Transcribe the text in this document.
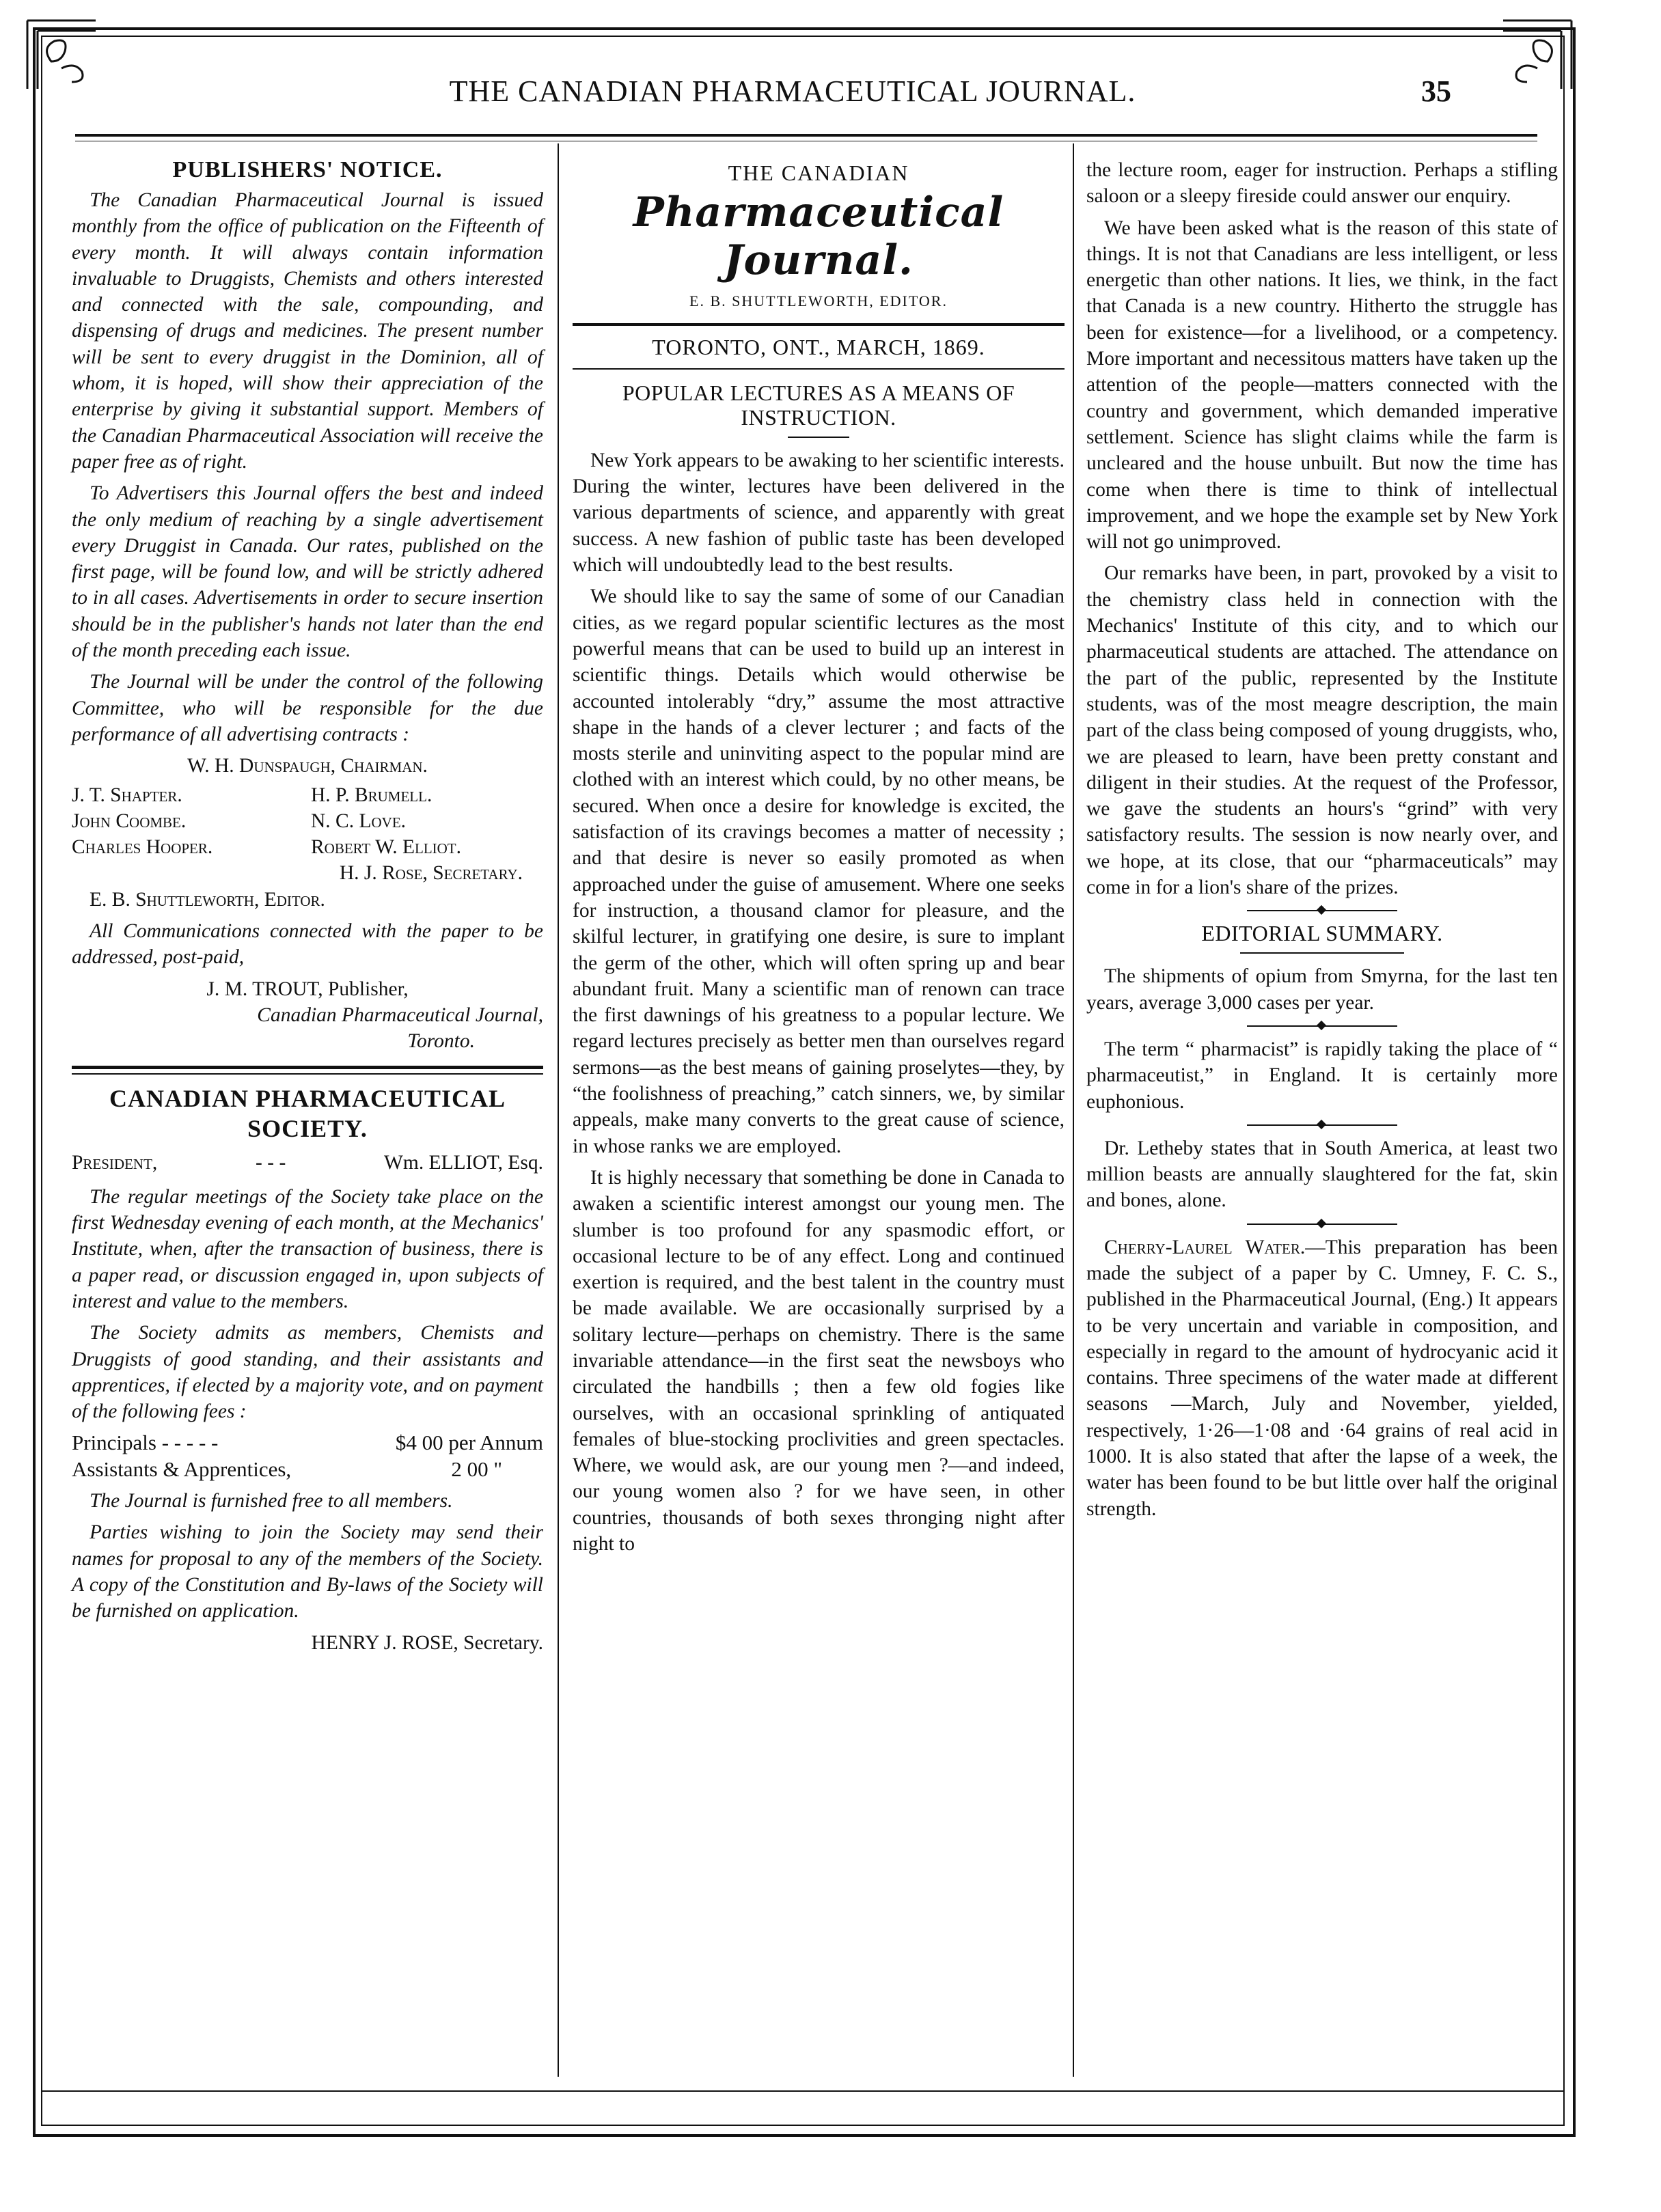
THE CANADIAN PHARMACEUTICAL JOURNAL.	35
PUBLISHERS' NOTICE.

The Canadian Pharmaceutical Journal is issued monthly from the office of publication on the Fifteenth of every month. It will always contain information invaluable to Druggists, Chemists and others interested and connected with the sale, compounding, and dispensing of drugs and medicines. The present number will be sent to every druggist in the Dominion, all of whom, it is hoped, will show their appreciation of the enterprise by giving it substantial support. Members of the Canadian Pharmaceutical Association will receive the paper free as of right.

To Advertisers this Journal offers the best and indeed the only medium of reaching by a single advertisement every Druggist in Canada. Our rates, published on the first page, will be found low, and will be strictly adhered to in all cases. Advertisements in order to secure insertion should be in the publisher's hands not later than the end of the month preceding each issue.

The Journal will be under the control of the following Committee, who will be responsible for the due performance of all advertising contracts :

W. H. Dunspaugh, Chairman.
J. T. Shapter.	H. P. Brumell.
John Coombe.	N. C. Love.
Charles Hooper.	Robert W. Elliot.
H. J. Rose, Secretary.

E. B. Shuttleworth, Editor.

All Communications connected with the paper to be addressed, post-paid,

J. M. TROUT, Publisher,
Canadian Pharmaceutical Journal,
Toronto.
CANADIAN PHARMACEUTICAL
SOCIETY.
President,	- - -	Wm. ELLIOT, Esq.

The regular meetings of the Society take place on the first Wednesday evening of each month, at the Mechanics' Institute, when, after the transaction of business, there is a paper read, or discussion engaged in, upon subjects of interest and value to the members.

The Society admits as members, Chemists and Druggists of good standing, and their assistants and apprentices, if elected by a majority vote, and on payment of the following fees :

Principals - - - - -	$4 00 per Annum
Assistants & Apprentices,	2 00 "

The Journal is furnished free to all members.

Parties wishing to join the Society may send their names for proposal to any of the members of the Society. A copy of the Constitution and By-laws of the Society will be furnished on application.

HENRY J. ROSE, Secretary.
THE CANADIAN
Pharmaceutical Journal.
E. B. SHUTTLEWORTH, EDITOR.
TORONTO, ONT., MARCH, 1869.
POPULAR LECTURES AS A MEANS OF INSTRUCTION.

New York appears to be awaking to her scientific interests. During the winter, lectures have been delivered in the various departments of science, and apparently with great success. A new fashion of public taste has been developed which will undoubtedly lead to the best results.

We should like to say the same of some of our Canadian cities, as we regard popular scientific lectures as the most powerful means that can be used to build up an interest in scientific things. Details which would otherwise be accounted intolerably “dry,” assume the most attractive shape in the hands of a clever lecturer ; and facts of the mosts sterile and uninviting aspect to the popular mind are clothed with an interest which could, by no other means, be secured. When once a desire for knowledge is excited, the satisfaction of its cravings becomes a matter of necessity ; and that desire is never so easily promoted as when approached under the guise of amusement. Where one seeks for instruction, a thousand clamor for pleasure, and the skilful lecturer, in gratifying one desire, is sure to implant the germ of the other, which will often spring up and bear abundant fruit. Many a scientific man of renown can trace the first dawnings of his greatness to a popular lecture. We regard lectures precisely as better men than ourselves regard sermons—as the best means of gaining proselytes—they, by “the foolishness of preaching,” catch sinners, we, by similar appeals, make many converts to the great cause of science, in whose ranks we are employed.

It is highly necessary that something be done in Canada to awaken a scientific interest amongst our young men. The slumber is too profound for any spasmodic effort, or occasional lecture to be of any effect. Long and continued exertion is required, and the best talent in the country must be made available. We are occasionally surprised by a solitary lecture—perhaps on chemistry. There is the same invariable attendance—in the first seat the newsboys who circulated the handbills ; then a few old fogies like ourselves, with an occasional sprinkling of antiquated females of blue-stocking proclivities and green spectacles. Where, we would ask, are our young men ?—and indeed, our young women also ? for we have seen, in other countries, thousands of both sexes thronging night after night to

the lecture room, eager for instruction. Perhaps a stifling saloon or a sleepy fireside could answer our enquiry.

We have been asked what is the reason of this state of things. It is not that Canadians are less intelligent, or less energetic than other nations. It lies, we think, in the fact that Canada is a new country. Hitherto the struggle has been for existence—for a livelihood, or a competency. More important and necessitous matters have taken up the attention of the people—matters connected with the country and government, which demanded imperative settlement. Science has slight claims while the farm is uncleared and the house unbuilt. But now the time has come when there is time to think of intellectual improvement, and we hope the example set by New York will not go unimproved.

Our remarks have been, in part, provoked by a visit to the chemistry class held in connection with the Mechanics' Institute of this city, and to which our pharmaceutical students are attached. The attendance on the part of the public, represented by the Institute students, was of the most meagre description, the main part of the class being composed of young druggists, who, we are pleased to learn, have been pretty constant and diligent in their studies. At the request of the Professor, we gave the students an hours's “grind” with very satisfactory results. The session is now nearly over, and we hope, at its close, that our “pharmaceuticals” may come in for a lion's share of the prizes.

EDITORIAL SUMMARY.

The shipments of opium from Smyrna, for the last ten years, average 3,000 cases per year.

The term “ pharmacist” is rapidly taking the place of “ pharmaceutist,” in England. It is certainly more euphonious.

Dr. Letheby states that in South America, at least two million beasts are annually slaughtered for the fat, skin and bones, alone.

Cherry-Laurel Water.—This preparation has been made the subject of a paper by C. Umney, F. C. S., published in the Pharmaceutical Journal, (Eng.) It appears to be very uncertain and variable in composition, and especially in regard to the amount of hydrocyanic acid it contains. Three specimens of the water made at different seasons —March, July and November, yielded, respectively, 1·26—1·08 and ·64 grains of real acid in 1000. It is also stated that after the lapse of a week, the water has been found to be but little over half the original strength.
